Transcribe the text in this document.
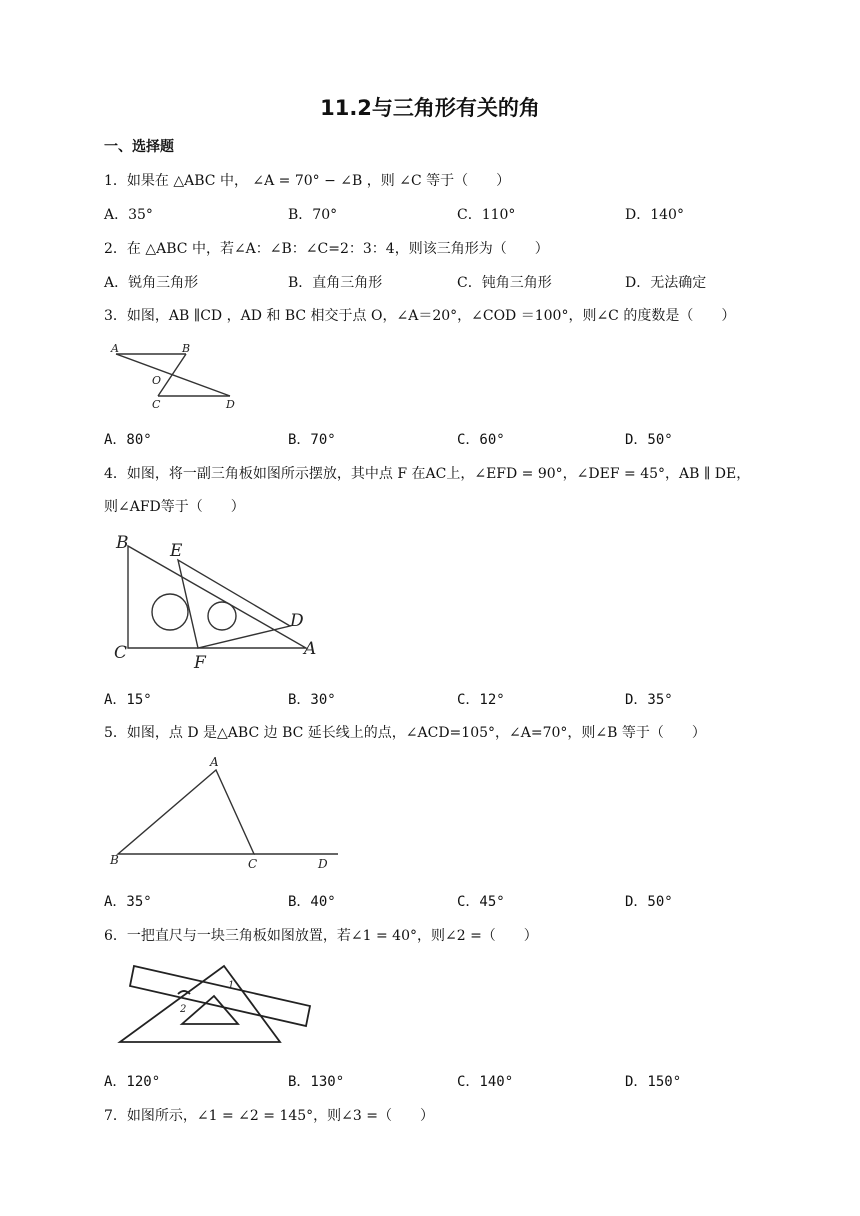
11.2与三角形有关的角
一、选择题
1．如果在 △ABC 中， ∠A = 70° − ∠B ，则 ∠C 等于（　　）
A．35°	B．70°	C．110°	D．140°
2．在 △ABC 中，若∠A：∠B：∠C=2：3：4，则该三角形为（　　）
A．锐角三角形	B．直角三角形	C．钝角三角形	D．无法确定
3．如图，AB ∥CD ，AD 和 BC 相交于点 O，∠A＝20°，∠COD ＝100°，则∠C 的度数是（　　）
A	B
O
C	D
A．80°	B．70°	C．60°	D．50°
4．如图，将一副三角板如图所示摆放，其中点 F 在AC上，∠EFD = 90°，∠DEF = 45°，AB ∥ DE，
则∠AFD等于（　　）
B E
D
C	F
A
A．15°	B．30°	C．12°	D．35°
5．如图，点 D 是△ABC 边 BC 延长线上的点，∠ACD=105°，∠A=70°，则∠B 等于（　　）
A
B	C	D
A．35°	B．40°	C．45°	D．50°
6．一把直尺与一块三角板如图放置，若∠1 = 40°，则∠2 =（　　）
1
2
A．120°	B．130°	C．140°	D．150°
7．如图所示，∠1 = ∠2 = 145°，则∠3 =（　　）
